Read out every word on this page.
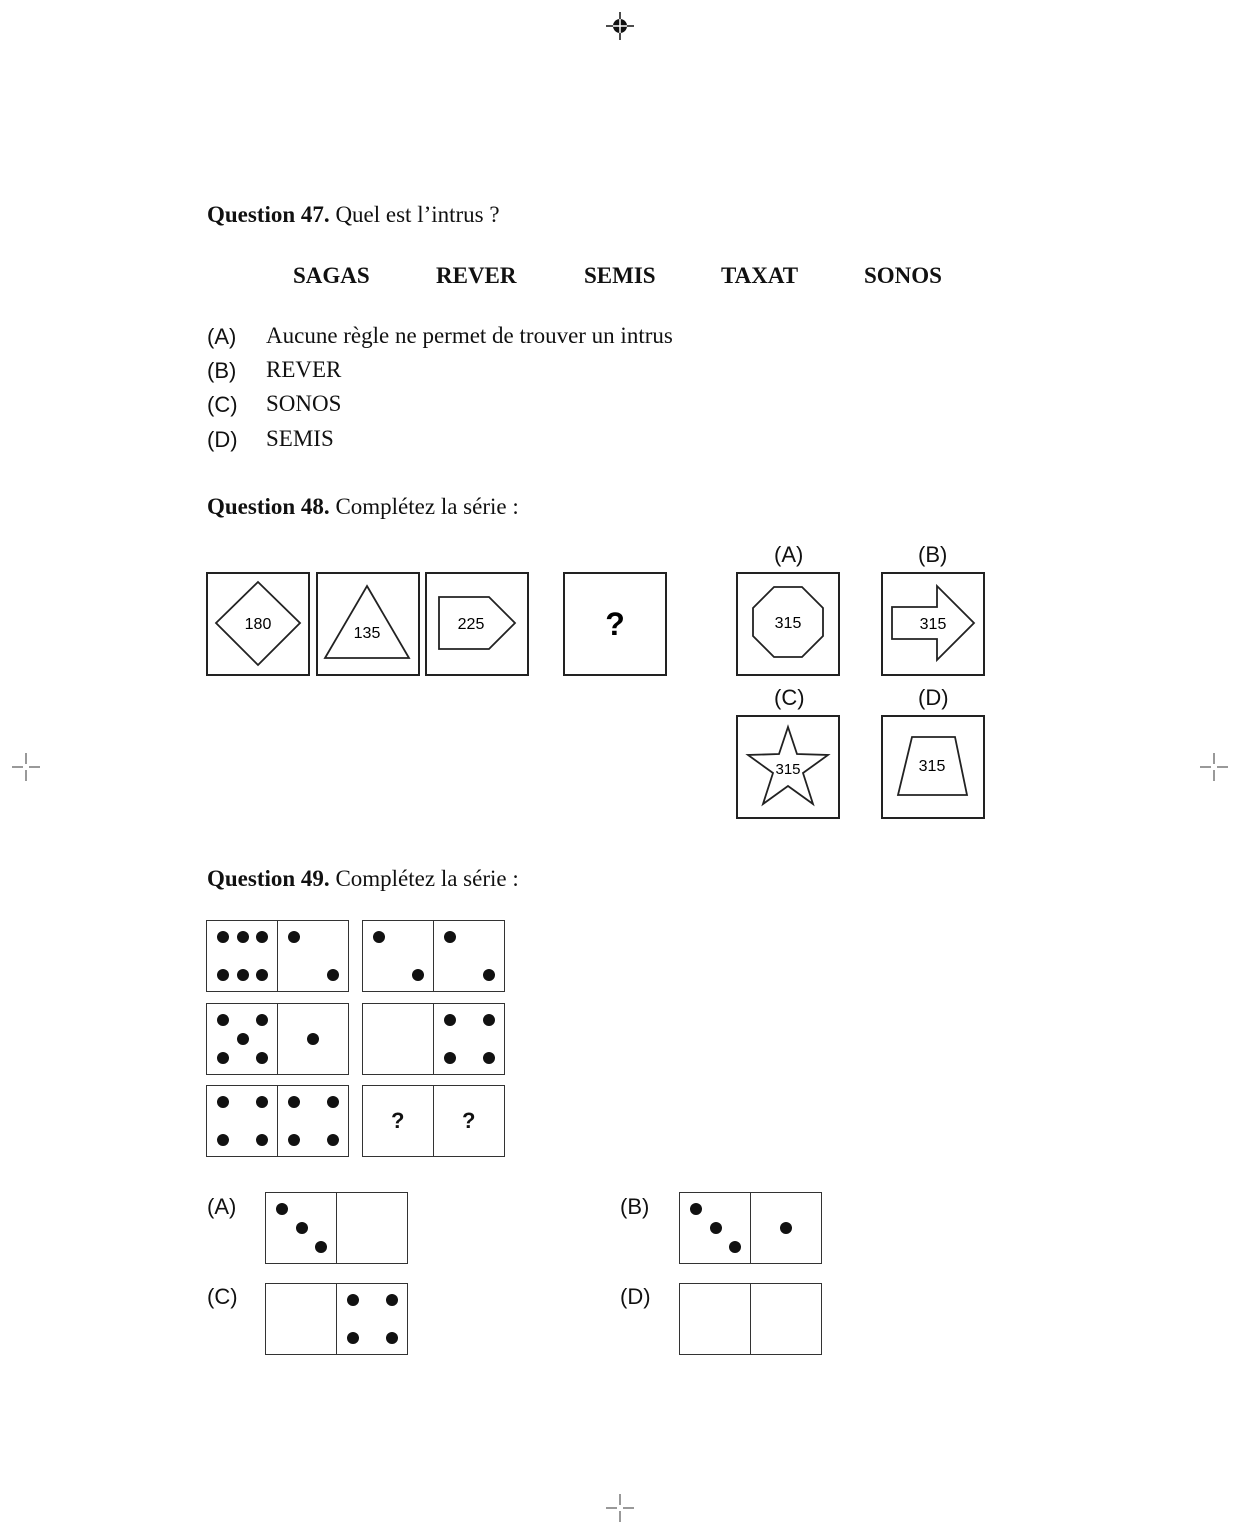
Question 47. Quel est l’intrus ?
SAGAS	REVER	SEMIS	TAXAT	SONOS
(A) Aucune règle ne permet de trouver un intrus
(B) REVER
(C) SONOS
(D) SEMIS
Question 48. Complétez la série :
180
135
225	?
(A)	(B)
(C)	(D)
315	315
315	315
Question 49. Complétez la série :
?	?
(A)	(B)
(C)	(D)
